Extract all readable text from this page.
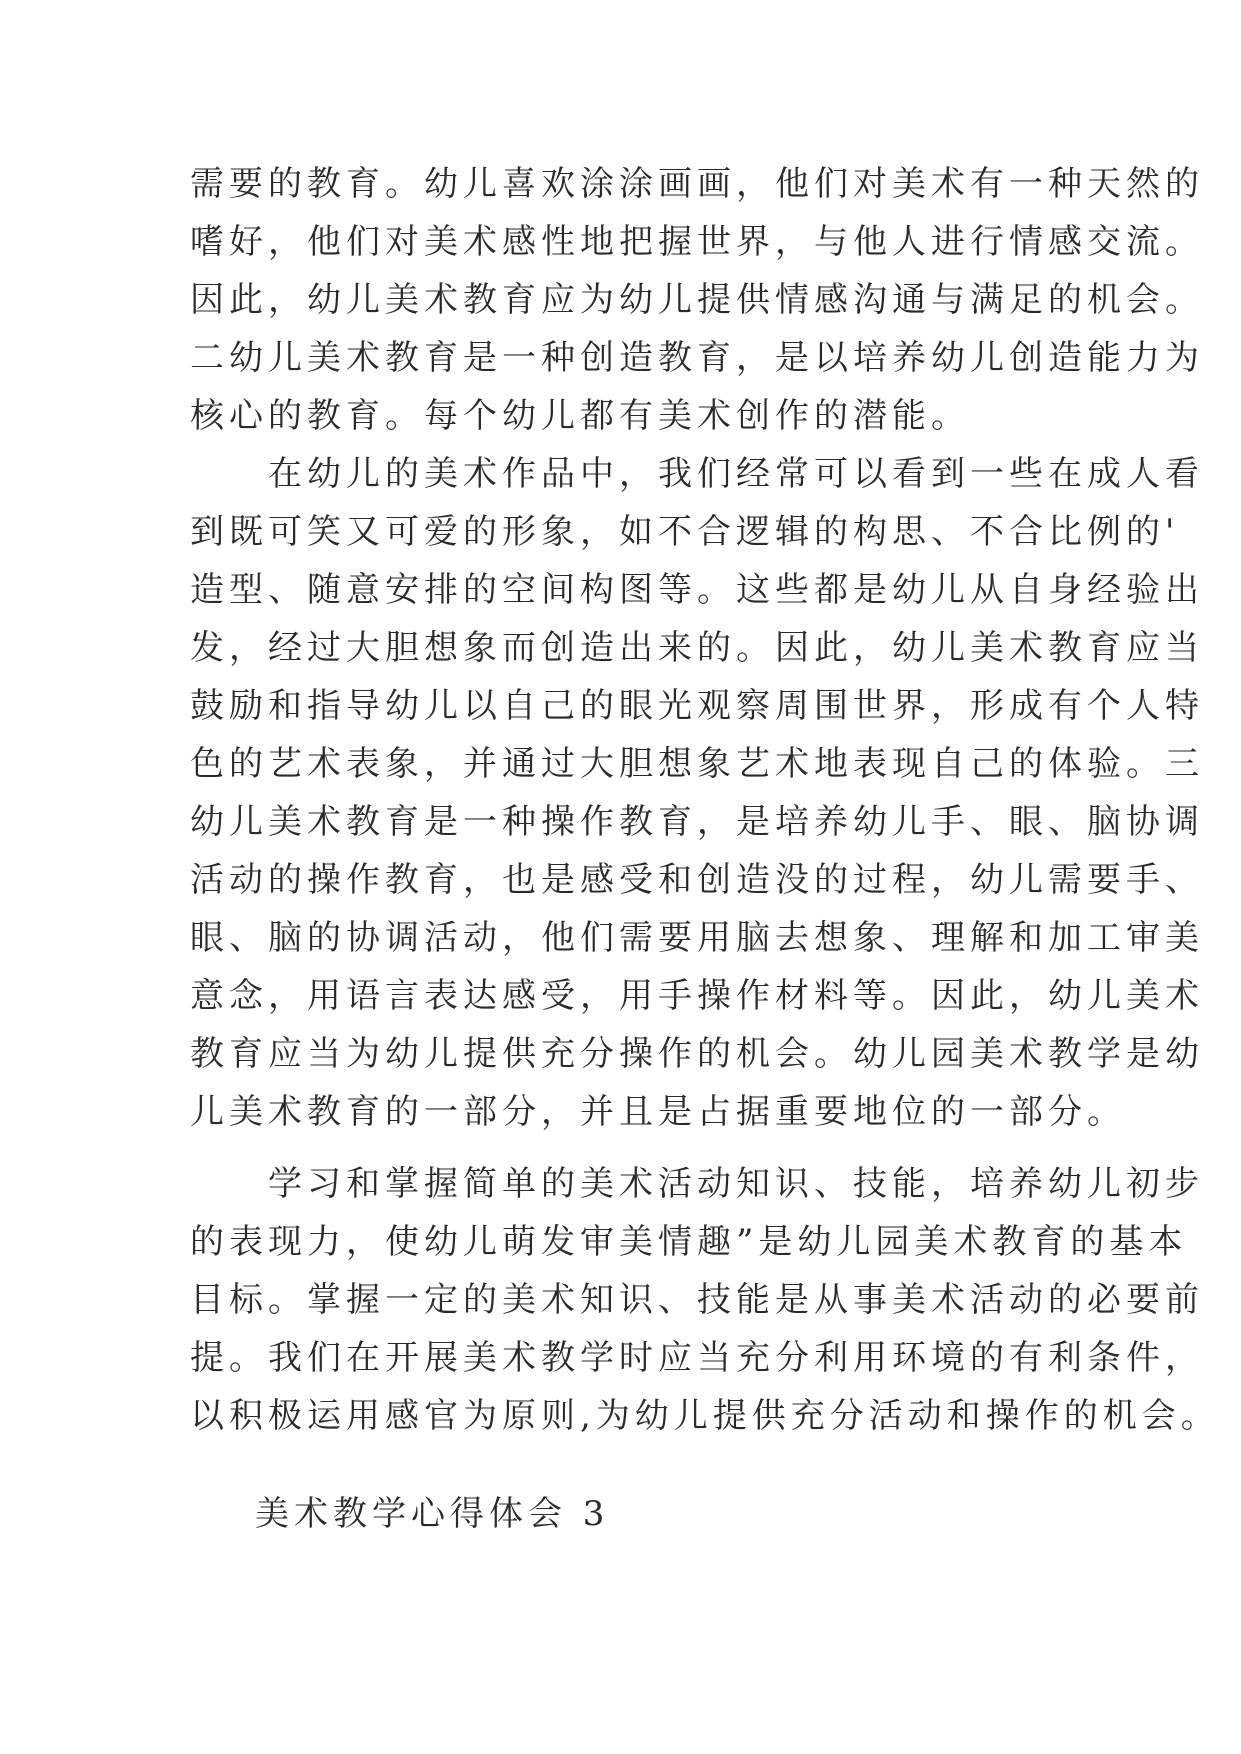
需要的教育。幼儿喜欢涂涂画画，他们对美术有一种天然的
嗜好，他们对美术感性地把握世界，与他人进行情感交流。
因此，幼儿美术教育应为幼儿提供情感沟通与满足的机会。
二幼儿美术教育是一种创造教育，是以培养幼儿创造能力为
核心的教育。每个幼儿都有美术创作的潜能。
　　在幼儿的美术作品中，我们经常可以看到一些在成人看
到既可笑又可爱的形象，如不合逻辑的构思、不合比例的'
造型、随意安排的空间构图等。这些都是幼儿从自身经验出
发，经过大胆想象而创造出来的。因此，幼儿美术教育应当
鼓励和指导幼儿以自己的眼光观察周围世界，形成有个人特
色的艺术表象，并通过大胆想象艺术地表现自己的体验。三
幼儿美术教育是一种操作教育，是培养幼儿手、眼、脑协调
活动的操作教育，也是感受和创造没的过程，幼儿需要手、
眼、脑的协调活动，他们需要用脑去想象、理解和加工审美
意念，用语言表达感受，用手操作材料等。因此，幼儿美术
教育应当为幼儿提供充分操作的机会。幼儿园美术教学是幼
儿美术教育的一部分，并且是占据重要地位的一部分。
　　学习和掌握简单的美术活动知识、技能，培养幼儿初步
的表现力，使幼儿萌发审美情趣”是幼儿园美术教育的基本
目标。掌握一定的美术知识、技能是从事美术活动的必要前
提。我们在开展美术教学时应当充分利用环境的有利条件，
以积极运用感官为原则,为幼儿提供充分活动和操作的机会。
美术教学心得体会 3
